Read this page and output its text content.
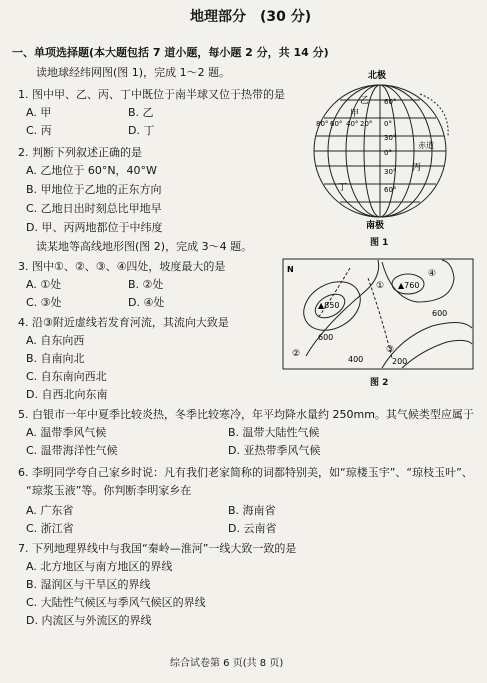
地理部分　(30 分)
一、单项选择题(本大题包括 7 道小题，每小题 2 分，共 14 分)
读地球经纬网图(图 1)，完成 1～2 题。
1. 图中甲、乙、丙、丁中既位于南半球又位于热带的是
A. 甲	B. 乙
C. 丙	D. 丁
2. 判断下列叙述正确的是
A. 乙地位于 60°N，40°W
B. 甲地位于乙地的正东方向
C. 乙地日出时刻总比甲地早
D. 甲、丙两地都位于中纬度
读某地等高线地形图(图 2)，完成 3～4 题。
3. 图中①、②、③、④四处，坡度最大的是
A. ①处	B. ②处
C. ③处	D. ④处
4. 沿③附近虚线若发育河流，其流向大致是
A. 自东向西
B. 自南向北
C. 自东南向西北
D. 自西北向东南
5. 白银市一年中夏季比较炎热，冬季比较寒冷，年平均降水量约 250mm。其气候类型应属于
A. 温带季风气候	B. 温带大陆性气候
C. 温带海洋性气候	D. 亚热带季风气候
6. 李明同学夸自己家乡时说：凡有我们老家简称的词都特别美，如“琼楼玉宇”、“琼枝玉叶”、
“琼浆玉液”等。你判断李明家乡在
A. 广东省	B. 海南省
C. 浙江省	D. 云南省
7. 下列地理界线中与我国“秦岭—淮河”一线大致一致的是
A. 北方地区与南方地区的界线
B. 湿润区与干旱区的界线
C. 大陆性气候区与季风气候区的界线
D. 内流区与外流区的界线
综合试卷第 6 页(共 8 页)
北极
南极
80° 60° 40° 20° 0°
60°
30°
0°
30°
60°
赤道
甲
乙
丙
丁
图 1
N
▲850
▲760
600
600
400	200
①
②	③
④
图 2
